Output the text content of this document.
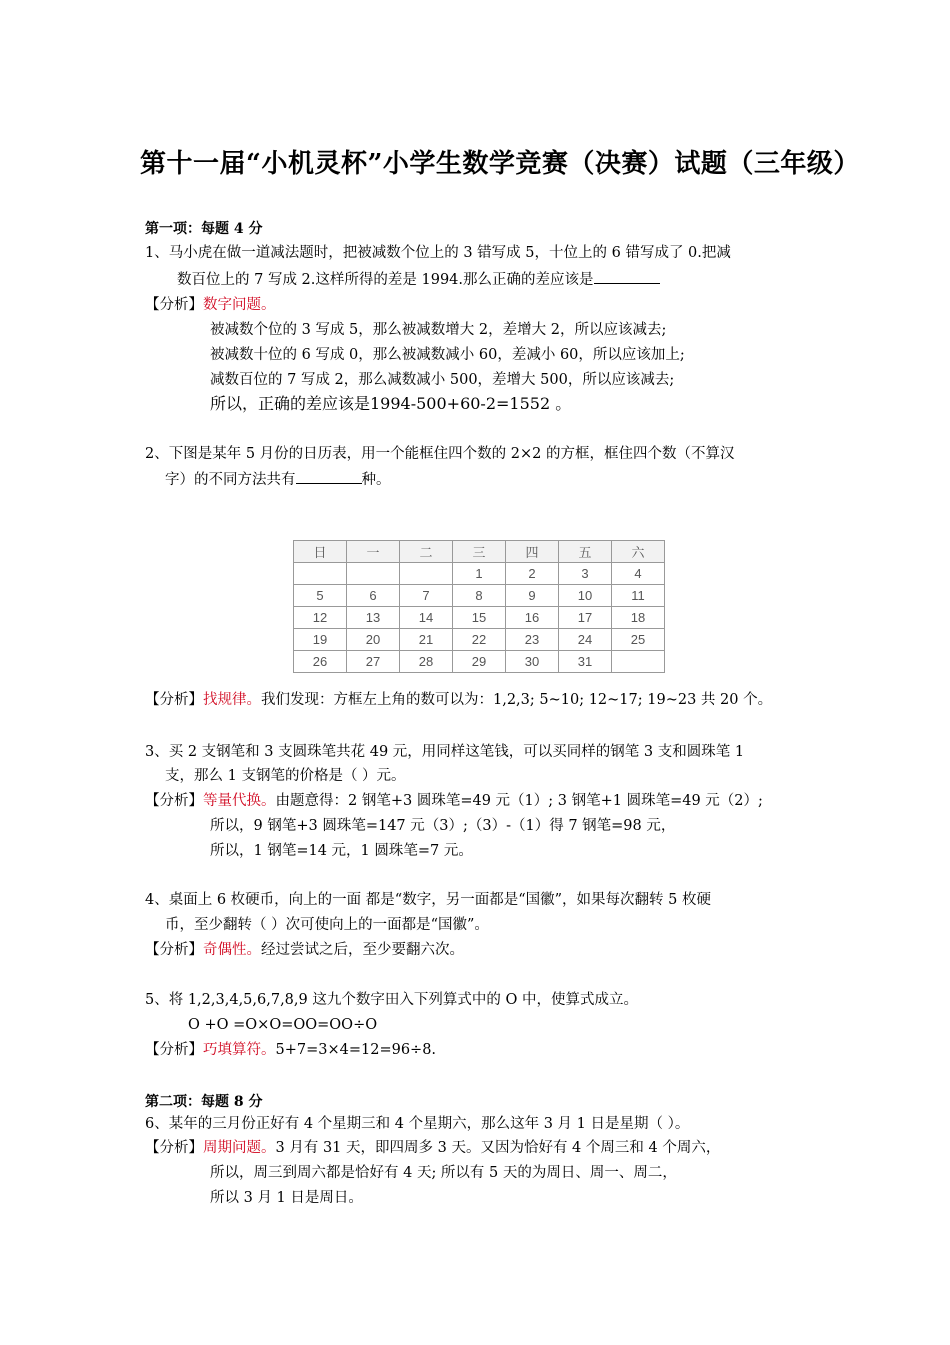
第十一届“小机灵杯”小学生数学竞赛（决赛）试题（三年级）
第一项：每题 4 分
1、马小虎在做一道减法题时，把被减数个位上的 3 错写成 5，十位上的 6 错写成了 0.把减
数百位上的 7 写成 2.这样所得的差是 1994.那么正确的差应该是
【分析】数字问题。
被减数个位的 3 写成 5，那么被减数增大 2，差增大 2，所以应该减去;
被减数十位的 6 写成 0，那么被减数减小 60，差减小 60，所以应该加上;
减数百位的 7 写成 2，那么减数减小 500，差增大 500，所以应该减去;
所以，正确的差应该是1994-500+60-2=1552 。
2、下图是某年 5 月份的日历表，用一个能框住四个数的 2×2 的方框，框住四个数（不算汉
字）的不同方法共有	种。
日	一	二	三	四	五	六
			1	2	3	4
5	6	7	8	9	10	11
12	13	14	15	16	17	18
19	20	21	22	23	24	25
26	27	28	29	30	31	
【分析】找规律。我们发现：方框左上角的数可以为：1,2,3; 5~10; 12~17; 19~23 共 20 个。
3、买 2 支钢笔和 3 支圆珠笔共花 49 元，用同样这笔钱，可以买同样的钢笔 3 支和圆珠笔 1
支，那么 1 支钢笔的价格是（ ）元。
【分析】等量代换。由题意得：2 钢笔+3 圆珠笔=49 元（1）; 3 钢笔+1 圆珠笔=49 元（2）;
所以，9 钢笔+3 圆珠笔=147 元（3）;（3）-（1）得 7 钢笔=98 元，
所以，1 钢笔=14 元，1 圆珠笔=7 元。
4、桌面上 6 枚硬币，向上的一面 都是“数字，另一面都是“国徽”，如果每次翻转 5 枚硬
币，至少翻转（ ）次可使向上的一面都是“国徽”。
【分析】奇偶性。经过尝试之后，至少要翻六次。
5、将 1,2,3,4,5,6,7,8,9 这九个数字田入下列算式中的 O 中，使算式成立。
O +O =O×O=OO=OO÷O
【分析】巧填算符。5+7=3×4=12=96÷8.
第二项：每题 8 分
6、某年的三月份正好有 4 个星期三和 4 个星期六，那么这年 3 月 1 日是星期（ ）。
【分析】周期问题。3 月有 31 天，即四周多 3 天。又因为恰好有 4 个周三和 4 个周六，
所以，周三到周六都是恰好有 4 天; 所以有 5 天的为周日、周一、周二，
所以 3 月 1 日是周日。
